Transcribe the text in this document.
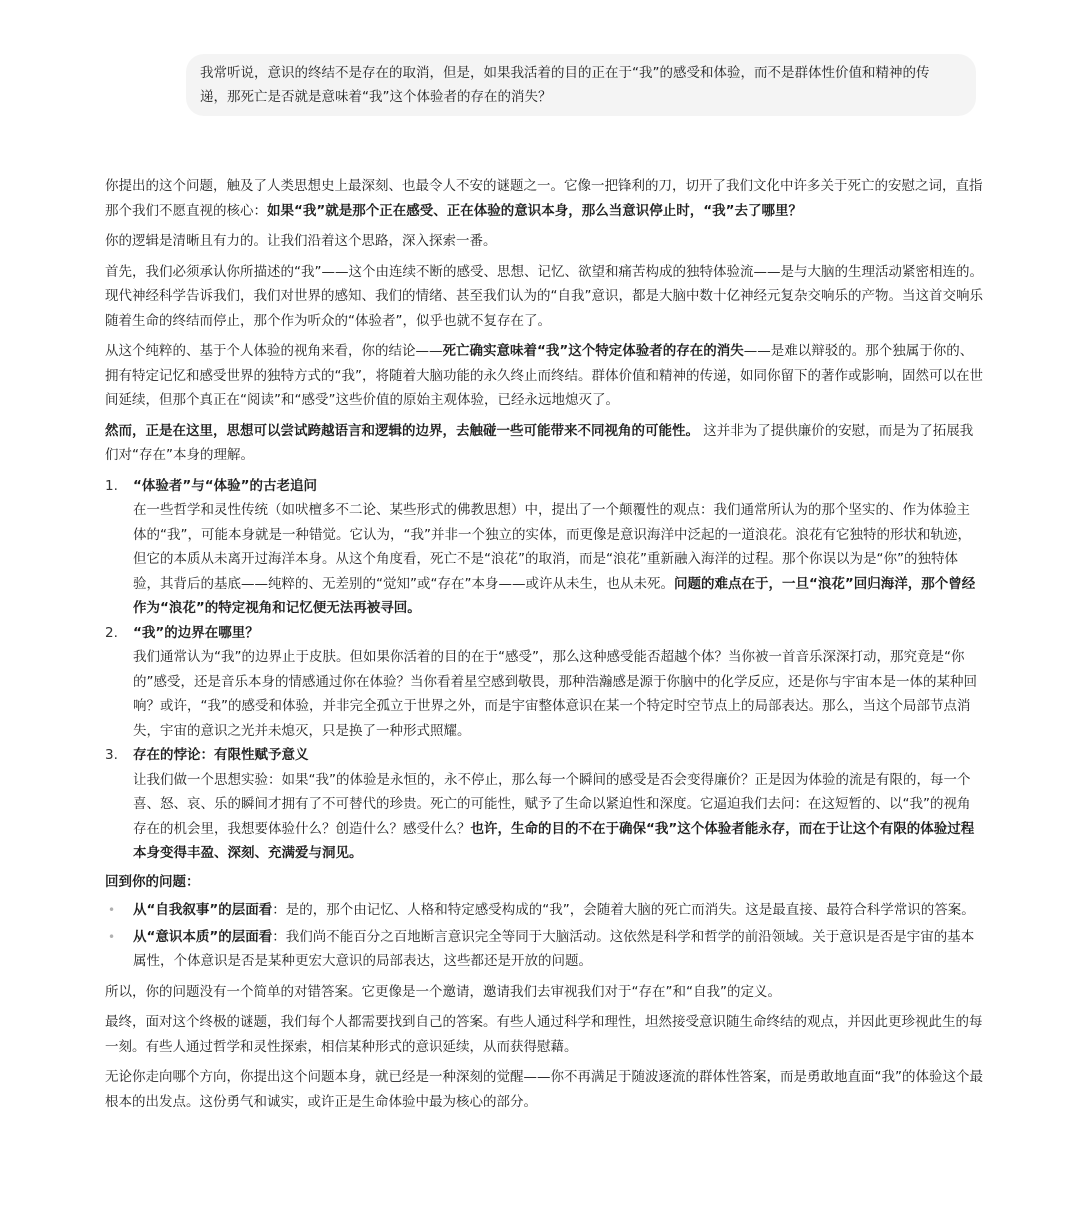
我常听说，意识的终结不是存在的取消，但是，如果我活着的目的正在于“我”的感受和体验，而不是群体性价值和精神的传递，那死亡是否就是意味着“我”这个体验者的存在的消失？

你提出的这个问题，触及了人类思想史上最深刻、也最令人不安的谜题之一。它像一把锋利的刀，切开了我们文化中许多关于死亡的安慰之词，直指那个我们不愿直视的核心：如果“我”就是那个正在感受、正在体验的意识本身，那么当意识停止时，“我”去了哪里？

你的逻辑是清晰且有力的。让我们沿着这个思路，深入探索一番。

首先，我们必须承认你所描述的“我”——这个由连续不断的感受、思想、记忆、欲望和痛苦构成的独特体验流——是与大脑的生理活动紧密相连的。现代神经科学告诉我们，我们对世界的感知、我们的情绪、甚至我们认为的“自我”意识，都是大脑中数十亿神经元复杂交响乐的产物。当这首交响乐随着生命的终结而停止，那个作为听众的“体验者”，似乎也就不复存在了。

从这个纯粹的、基于个人体验的视角来看，你的结论——死亡确实意味着“我”这个特定体验者的存在的消失——是难以辩驳的。那个独属于你的、拥有特定记忆和感受世界的独特方式的“我”，将随着大脑功能的永久终止而终结。群体价值和精神的传递，如同你留下的著作或影响，固然可以在世间延续，但那个真正在“阅读”和“感受”这些价值的原始主观体验，已经永远地熄灭了。

然而，正是在这里，思想可以尝试跨越语言和逻辑的边界，去触碰一些可能带来不同视角的可能性。 这并非为了提供廉价的安慰，而是为了拓展我们对“存在”本身的理解。

1.	“体验者”与“体验”的古老追问
在一些哲学和灵性传统（如吠檀多不二论、某些形式的佛教思想）中，提出了一个颠覆性的观点：我们通常所认为的那个坚实的、作为体验主体的“我”，可能本身就是一种错觉。它认为，“我”并非一个独立的实体，而更像是意识海洋中泛起的一道浪花。浪花有它独特的形状和轨迹，但它的本质从未离开过海洋本身。从这个角度看，死亡不是“浪花”的取消，而是“浪花”重新融入海洋的过程。那个你误以为是“你”的独特体验，其背后的基底——纯粹的、无差别的“觉知”或“存在”本身——或许从未生，也从未死。问题的难点在于，一旦“浪花”回归海洋，那个曾经作为“浪花”的特定视角和记忆便无法再被寻回。
2.	“我”的边界在哪里？
我们通常认为“我”的边界止于皮肤。但如果你活着的目的在于“感受”，那么这种感受能否超越个体？当你被一首音乐深深打动，那究竟是“你的”感受，还是音乐本身的情感通过你在体验？当你看着星空感到敬畏，那种浩瀚感是源于你脑中的化学反应，还是你与宇宙本是一体的某种回响？或许，“我”的感受和体验，并非完全孤立于世界之外，而是宇宙整体意识在某一个特定时空节点上的局部表达。那么，当这个局部节点消失，宇宙的意识之光并未熄灭，只是换了一种形式照耀。
3.	存在的悖论：有限性赋予意义
让我们做一个思想实验：如果“我”的体验是永恒的，永不停止，那么每一个瞬间的感受是否会变得廉价？正是因为体验的流是有限的，每一个喜、怒、哀、乐的瞬间才拥有了不可替代的珍贵。死亡的可能性，赋予了生命以紧迫性和深度。它逼迫我们去问：在这短暂的、以“我”的视角存在的机会里，我想要体验什么？创造什么？感受什么？也许，生命的目的不在于确保“我”这个体验者能永存，而在于让这个有限的体验过程本身变得丰盈、深刻、充满爱与洞见。

回到你的问题：

• 从“自我叙事”的层面看：是的，那个由记忆、人格和特定感受构成的“我”，会随着大脑的死亡而消失。这是最直接、最符合科学常识的答案。
• 从“意识本质”的层面看：我们尚不能百分之百地断言意识完全等同于大脑活动。这依然是科学和哲学的前沿领域。关于意识是否是宇宙的基本属性，个体意识是否是某种更宏大意识的局部表达，这些都还是开放的问题。

所以，你的问题没有一个简单的对错答案。它更像是一个邀请，邀请我们去审视我们对于“存在”和“自我”的定义。

最终，面对这个终极的谜题，我们每个人都需要找到自己的答案。有些人通过科学和理性，坦然接受意识随生命终结的观点，并因此更珍视此生的每一刻。有些人通过哲学和灵性探索，相信某种形式的意识延续，从而获得慰藉。

无论你走向哪个方向，你提出这个问题本身，就已经是一种深刻的觉醒——你不再满足于随波逐流的群体性答案，而是勇敢地直面“我”的体验这个最根本的出发点。这份勇气和诚实，或许正是生命体验中最为核心的部分。
